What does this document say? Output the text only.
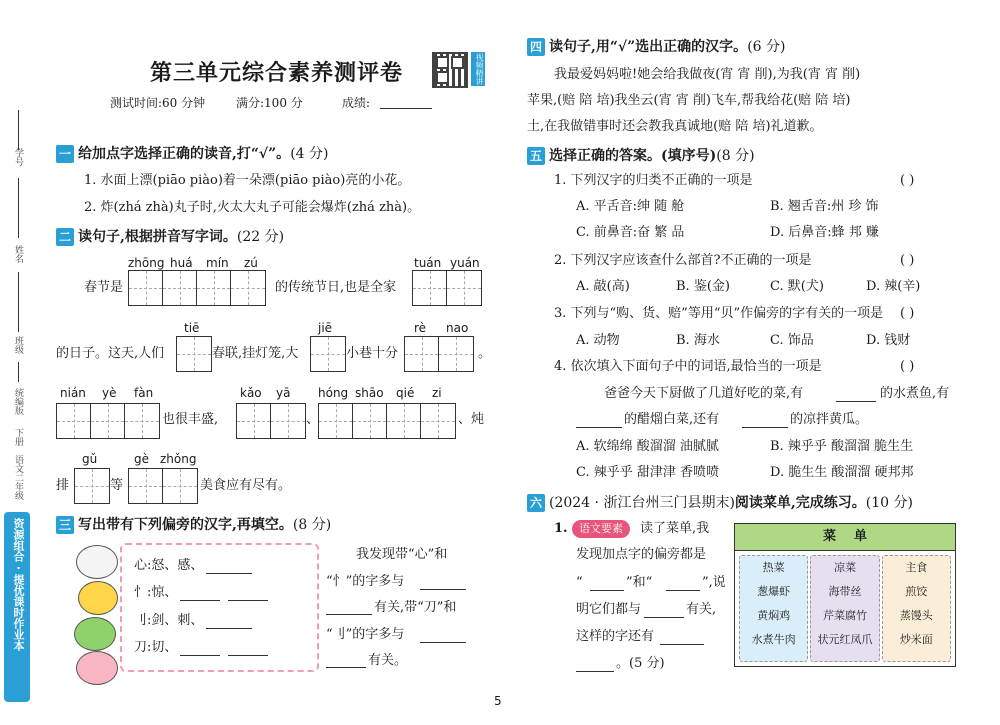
学号
姓名
班级
统编版
下册
语文二年级
资源组合 · 提优课时作业本
第三单元综合素养测评卷	视频精讲
测试时间:60 分钟	满分:100 分	成绩:
一 给加点字选择正确的读音,打“√”。(4 分)
1. 水面上漂(piāo piào)着一朵漂(piāo piào)亮的小花。
2. 炸(zhá zhà)丸子时,火太大丸子可能会爆炸(zhá zhà)。
二 读句子,根据拼音写字词。(22 分)
zhōng huá mín zú
春节是	的传统节日,也是全家
tuán yuán
tiē	jiē	rè nao
的日子。这天,人们	春联,挂灯笼,大	小巷十分	。
nián yè fàn
也很丰盛,
kǎo yā
、
hóng shāo qié zi
、炖
gǔ	gè zhǒng
排	等	美食应有尽有。
三 写出带有下列偏旁的汉字,再填空。(8 分)
心:怒、感、
忄:惊、
刂:剑、刺、
刀:切、
我发现带“心”和
“忄”的字多与
有关,带“刀”和
“刂”的字多与
有关。
四 读句子,用“√”选出正确的汉字。(6 分)
我最爱妈妈啦!她会给我做夜(宵 宵 削),为我(宵 宵 削)
苹果,(赔 陪 培)我坐云(宵 宵 削)飞车,帮我给花(赔 陪 培)
土,在我做错事时还会教我真诚地(赔 陪 培)礼道歉。
五 选择正确的答案。(填序号)(8 分)
1. 下列汉字的归类不正确的一项是	( )
A. 平舌音:绅 随 舱	B. 翘舌音:州 珍 饰
C. 前鼻音:奋 繁 品	D. 后鼻音:蜂 邦 赚
2. 下列汉字应该查什么部首?不正确的一项是	( )
A. 敲(高)	B. 鉴(金)	C. 默(犬)	D. 辣(辛)
3. 下列与“购、货、赔”等用“贝”作偏旁的字有关的一项是 ( )
A. 动物	B. 海水	C. 饰品	D. 钱财
4. 依次填入下面句子中的词语,最恰当的一项是	( )
爸爸今天下厨做了几道好吃的菜,有	的水煮鱼,有
的醋熘白菜,还有	的凉拌黄瓜。
A. 软绵绵 酸溜溜 油腻腻	B. 辣乎乎 酸溜溜 脆生生
C. 辣乎乎 甜津津 香喷喷	D. 脆生生 酸溜溜 硬邦邦
六 (2024 · 浙江台州三门县期末)阅读菜单,完成练习。(10 分)
1.	语文要素	读了菜单,我
发现加点字的偏旁都是
“	”和“	”,说
明它们都与	有关,
这样的字还有
。(5 分)
菜    单
热菜
葱爆虾
黄焖鸡
水煮牛肉
凉菜
海带丝
芹菜腐竹
状元红凤爪
主食
煎饺
蒸馒头
炒米面
5
